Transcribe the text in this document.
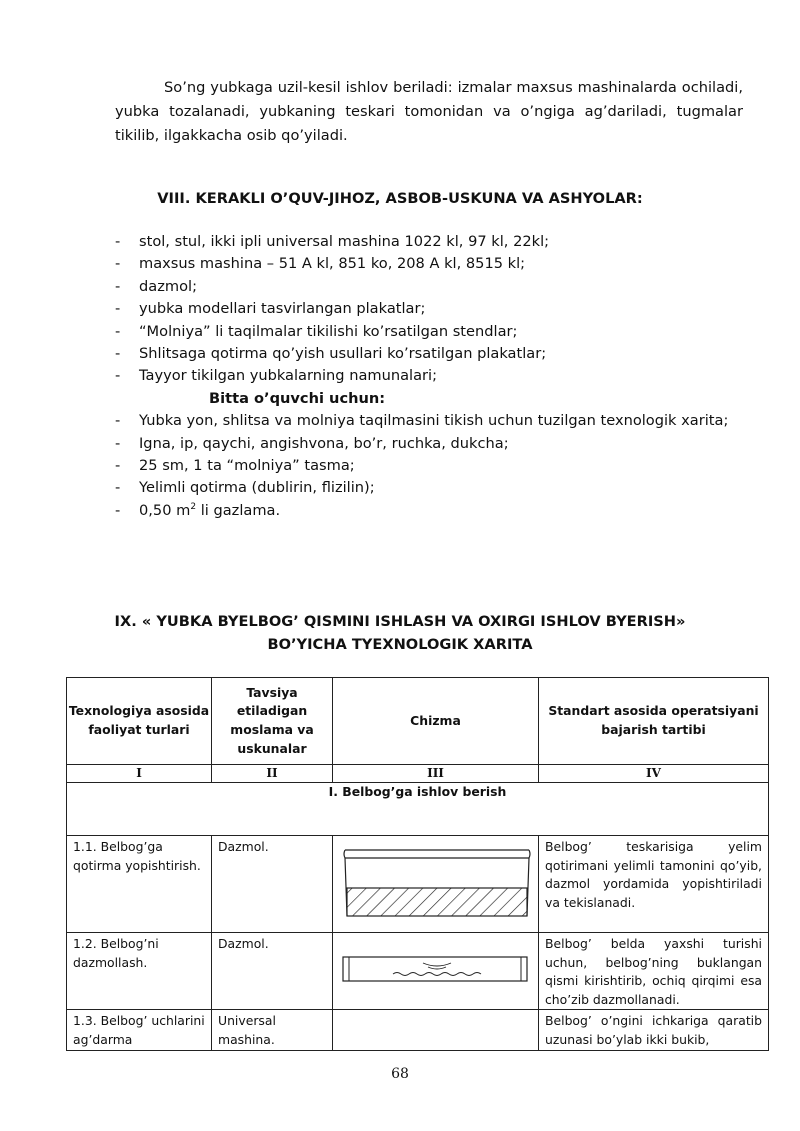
So’ng yubkaga uzil-kesil ishlov beriladi: izmalar maxsus mashinalarda ochiladi, yubka tozalanadi, yubkaning teskari tomonidan va o’ngiga ag’dariladi, tugmalar tikilib, ilgakkacha osib qo’yiladi.

VIII. KERAKLI O’QUV-JIHOZ, ASBOB-USKUNA VA ASHYOLAR:
- stol, stul, ikki ipli universal mashina 1022 kl, 97 kl, 22kl;
- maxsus mashina – 51 A kl, 851 ko, 208 A kl, 8515 kl;
- dazmol;
- yubka modellari tasvirlangan plakatlar;
- “Molniya” li taqilmalar tikilishi ko’rsatilgan stendlar;
- Shlitsaga qotirma qo’yish usullari ko’rsatilgan plakatlar;
- Tayyor tikilgan yubkalarning namunalari;
Bitta o’quvchi uchun:
- Yubka yon, shlitsa va molniya taqilmasini tikish uchun tuzilgan texnologik xarita;
- Igna, ip, qaychi, angishvona, bo’r, ruchka, dukcha;
- 25 sm, 1 ta “molniya” tasma;
- Yelimli qotirma (dublirin, flizilin);
- 0,50 $m^2$ li gazlama.
IX. « YUBKA BYELBOG’ QISMINI ISHLASH VA OXIRGI ISHLOV BYERISH»
BO’YICHA TYEXNOLOGIK XARITA
Texnologiya asosida faoliyat turlari	Tavsiya etiladigan moslama va uskunalar	Chizma	Standart asosida operatsiyani bajarish tartibi
I	II	III	IV
I. Belbog’ga ishlov berish			

1.1. Belbog’ga qotirma yopishtirish.	Dazmol.		Belbog’ teskarisiga yelim qotirimani yelimli tamonini qo’yib, dazmol yordamida yopishtiriladi va tekislanadi.

1.2. Belbog’ni dazmollash.	Dazmol.		Belbog’ belda yaxshi turishi uchun, belbog’ning buklangan qismi kirishtirib, ochiq qirqimi esa cho’zib dazmollanadi.

1.3. Belbog’ uchlarini ag’darma	Universal mashina.		Belbog’ o’ngini ichkariga qaratib uzunasi bo’ylab ikki bukib,
68
